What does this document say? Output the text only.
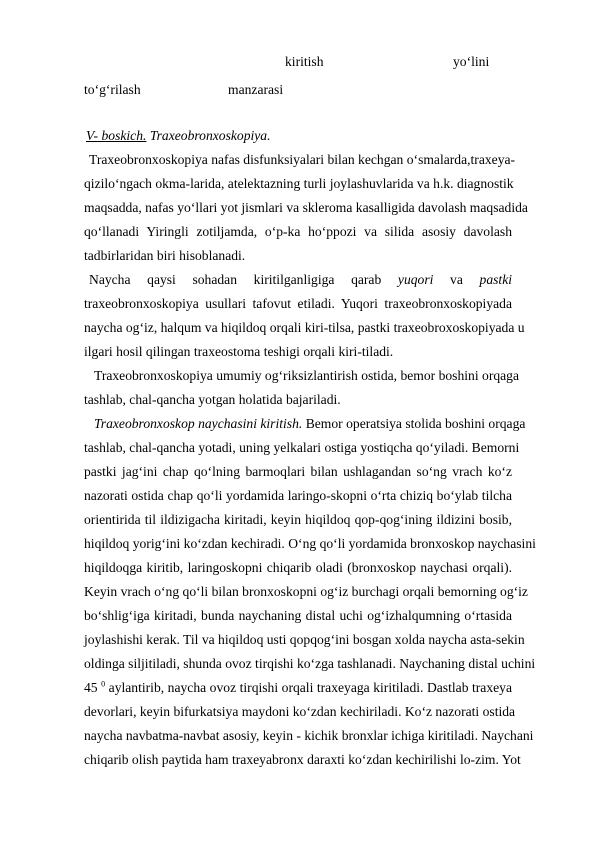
kiritish	yo‘lini
to‘g‘rilash	manzarasi
V- boskich. Traxeobronxoskopiya.
Traxeobronxoskopiya nafas disfunksiyalari bilan kechgan o‘smalarda,traxeya-
qizilo‘ngach okma-larida, atelektazning turli joylashuvlarida va h.k. diagnostik
maqsadda, nafas yo‘llari yot jismlari va skleroma kasalligida davolash maqsadida
qo‘llanadi Yiringli zotiljamda, o‘p-ka ho‘ppozi va silida asosiy davolash
tadbirlaridan biri hisoblanadi.
Naycha qaysi sohadan kiritilganligiga qarab yuqori va pastki
traxeobronxoskopiya usullari tafovut etiladi. Yuqori traxeobronxoskopiyada
naycha og‘iz, halqum va hiqildoq orqali kiri-tilsa, pastki traxeobroxoskopiyada u
ilgari hosil qilingan traxeostoma teshigi orqali kiri-tiladi.
Traxeobronxoskopiya umumiy og‘riksizlantirish ostida, bemor boshini orqaga
tashlab, chal-qancha yotgan holatida bajariladi.
Traxeobronxoskop naychasini kiritish. Bemor operatsiya stolida boshini orqaga
tashlab, chal-qancha yotadi, uning yelkalari ostiga yostiqcha qo‘yiladi. Bemorni
pastki jag‘ini chap qo‘lning barmoqlari bilan ushlagandan so‘ng vrach ko‘z
nazorati ostida chap qo‘li yordamida laringo-skopni o‘rta chiziq bo‘ylab tilcha
orientirida til ildizigacha kiritadi, keyin hiqildoq qop-qog‘ining ildizini bosib,
hiqildoq yorig‘ini ko‘zdan kechiradi. O‘ng qo‘li yordamida bronxoskop naychasini
hiqildoqga kiritib, laringoskopni chiqarib oladi (bronxoskop naychasi orqali).
Keyin vrach o‘ng qo‘li bilan bronxoskopni og‘iz burchagi orqali bemorning og‘iz
bo‘shlig‘iga kiritadi, bunda naychaning distal uchi og‘izhalqumning o‘rtasida
joylashishi kerak. Til va hiqildoq usti qopqog‘ini bosgan xolda naycha asta-sekin
oldinga siljitiladi, shunda ovoz tirqishi ko‘zga tashlanadi. Naychaning distal uchini
45 $^0$ aylantirib, naycha ovoz tirqishi orqali traxeyaga kiritiladi. Dastlab traxeya
devorlari, keyin bifurkatsiya maydoni ko‘zdan kechiriladi. Ko‘z nazorati ostida
naycha navbatma-navbat asosiy, keyin - kichik bronxlar ichiga kiritiladi. Naychani
chiqarib olish paytida ham traxeyabronx daraxti ko‘zdan kechirilishi lo-zim. Yot
